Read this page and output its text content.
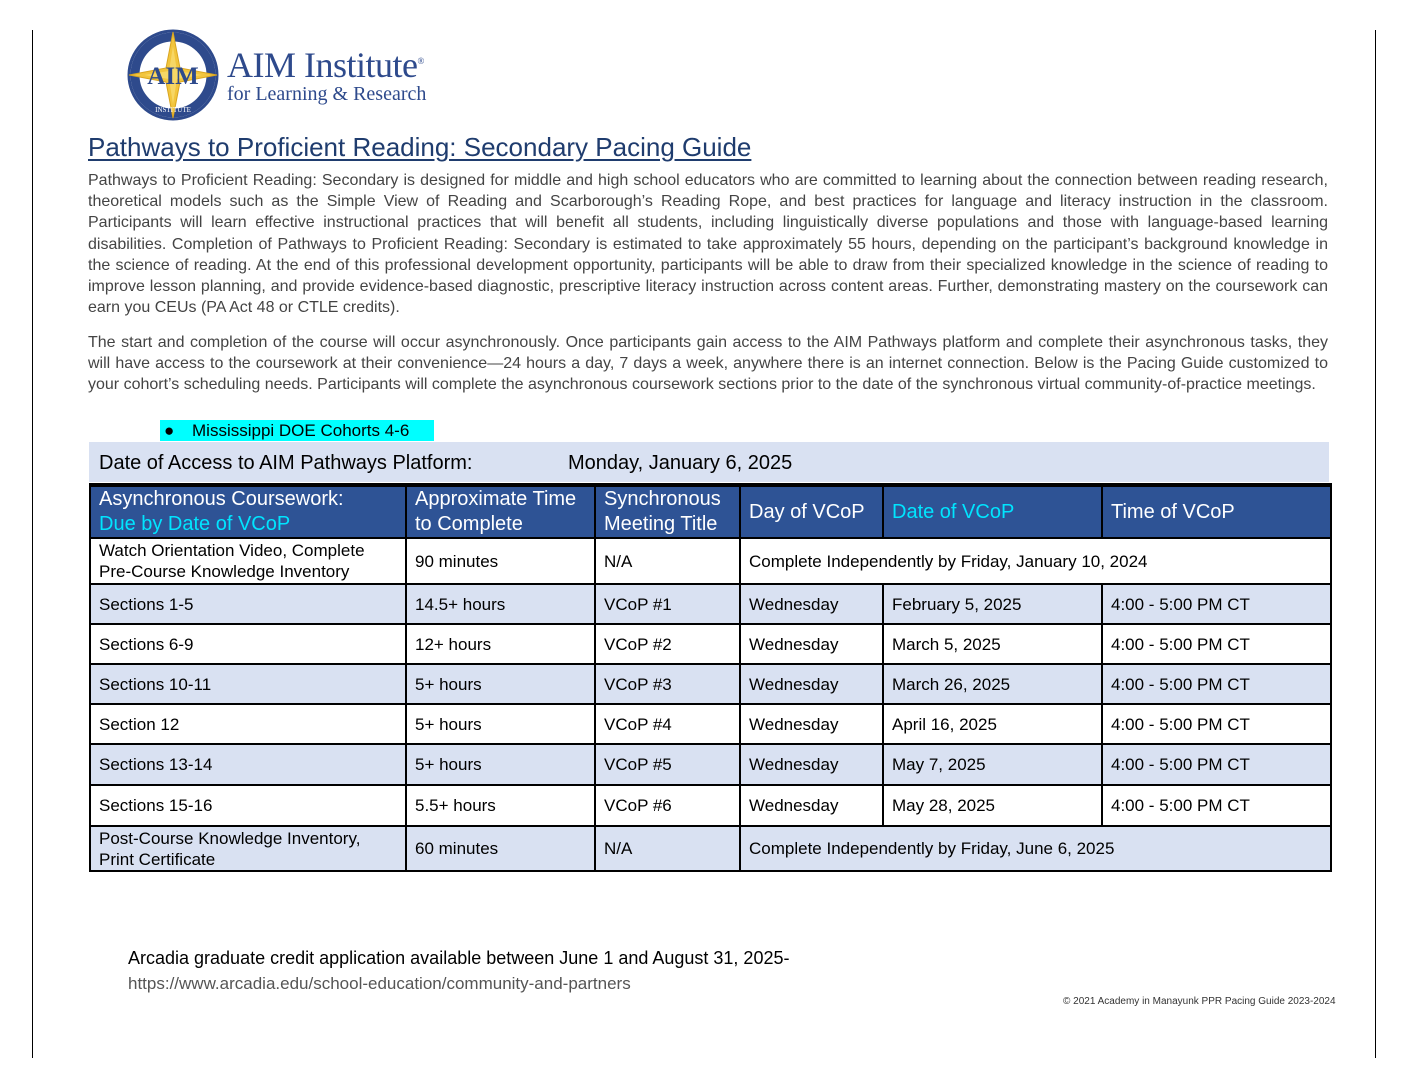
AIM
INSTITUTE
AIM Institute®
for Learning & Research
Pathways to Proficient Reading: Secondary Pacing Guide

Pathways to Proficient Reading: Secondary is designed for middle and high school educators who are committed to learning about the connection between reading research, theoretical models such as the Simple View of Reading and Scarborough’s Reading Rope, and best practices for language and literacy instruction in the classroom. Participants will learn effective instructional practices that will benefit all students, including linguistically diverse populations and those with language-based learning disabilities. Completion of Pathways to Proficient Reading: Secondary is estimated to take approximately 55 hours, depending on the participant’s background knowledge in the science of reading. At the end of this professional development opportunity, participants will be able to draw from their specialized knowledge in the science of reading to improve lesson planning, and provide evidence-based diagnostic, prescriptive literacy instruction across content areas. Further, demonstrating mastery on the coursework can earn you CEUs (PA Act 48 or CTLE credits).

The start and completion of the course will occur asynchronously. Once participants gain access to the AIM Pathways platform and complete their asynchronous tasks, they will have access to the coursework at their convenience—24 hours a day, 7 days a week, anywhere there is an internet connection. Below is the Pacing Guide customized to your cohort’s scheduling needs. Participants will complete the asynchronous coursework sections prior to the date of the synchronous virtual community-of-practice meetings.

● Mississippi DOE Cohorts 4-6
Date of Access to AIM Pathways Platform:	Monday, January 6, 2025
Asynchronous Coursework:
Due by Date of VCoP	Approximate Time to Complete	Synchronous Meeting Title	Day of VCoP	Date of VCoP	Time of VCoP
Watch Orientation Video, Complete Pre-Course Knowledge Inventory	90 minutes	N/A	Complete Independently by Friday, January 10, 2024		
Sections 1-5	14.5+ hours	VCoP #1	Wednesday	February 5, 2025	4:00 - 5:00 PM CT
Sections 6-9	12+ hours	VCoP #2	Wednesday	March 5, 2025	4:00 - 5:00 PM CT
Sections 10-11	5+ hours	VCoP #3	Wednesday	March 26, 2025	4:00 - 5:00 PM CT
Section 12	5+ hours	VCoP #4	Wednesday	April 16, 2025	4:00 - 5:00 PM CT
Sections 13-14	5+ hours	VCoP #5	Wednesday	May 7, 2025	4:00 - 5:00 PM CT
Sections 15-16	5.5+ hours	VCoP #6	Wednesday	May 28, 2025	4:00 - 5:00 PM CT
Post-Course Knowledge Inventory, Print Certificate	60 minutes	N/A	Complete Independently by Friday, June 6, 2025		
Arcadia graduate credit application available between June 1 and August 31, 2025-
https://www.arcadia.edu/school-education/community-and-partners
© 2021 Academy in Manayunk PPR Pacing Guide 2023-2024
